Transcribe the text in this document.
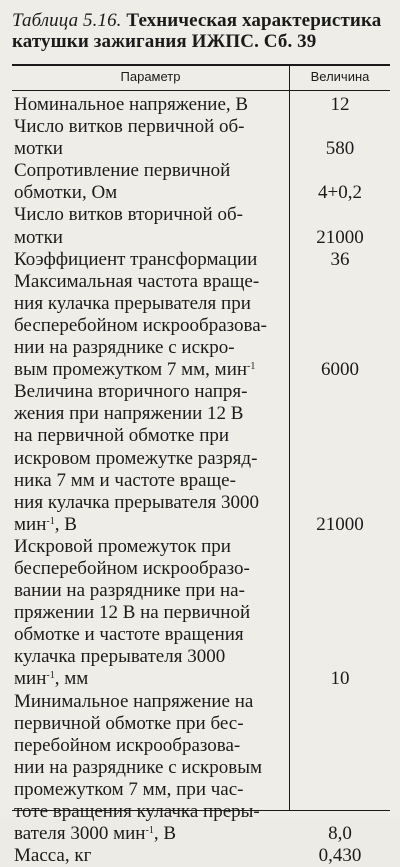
Таблица 5.16. Техническая характеристика катушки зажигания ИЖПС. Сб. 39
Параметр	Величина
Номинальное напряжение, В	12
Число витков первичной об-
мотки	580
Сопротивление первичной
обмотки, Ом	4+0,2
Число витков вторичной об-
мотки	21000
Коэффициент трансформации	36
Максимальная частота враще-
ния кулачка прерывателя при
бесперебойном искрообразова-
нии на разряднике с искро-
вым промежутком 7 мм, мин$^{-1}$	6000
Величина вторичного напря-
жения при напряжении 12 В
на первичной обмотке при
искровом промежутке разряд-
ника 7 мм и частоте враще-
ния кулачка прерывателя 3000
мин$^{-1}$, В	21000
Искровой промежуток при
бесперебойном искрообразо-
вании на разряднике при на-
пряжении 12 В на первичной
обмотке и частоте вращения
кулачка прерывателя 3000
мин$^{-1}$, мм	10
Минимальное напряжение на
первичной обмотке при бес-
перебойном искрообразова-
нии на разряднике с искровым
промежутком 7 мм, при час-
тоте вращения кулачка преры-
вателя 3000 мин$^{-1}$, В	8,0
Масса, кг	0,430
